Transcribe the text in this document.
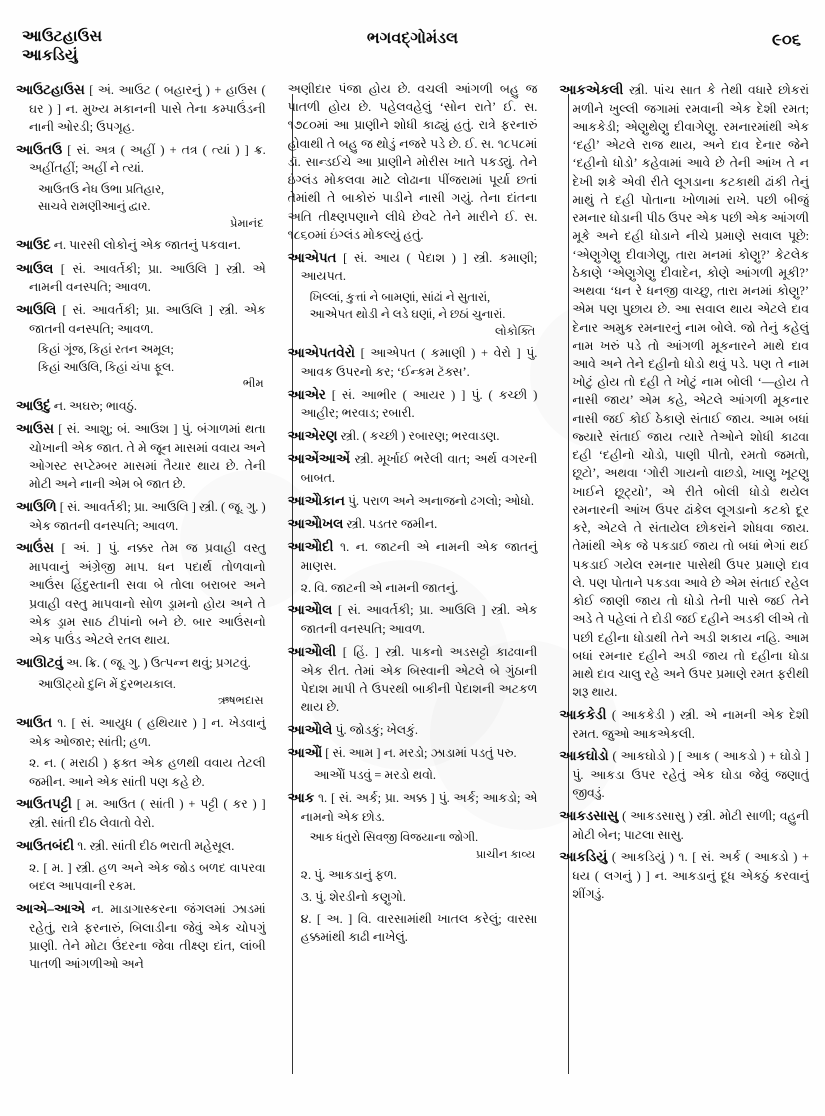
આઉટહાઉસ
આકડિયું
ભગવદ્ગોમંડલ	૯૦૬

આઉટહાઉસ [ અં. આઉટ ( બહારનું ) + હાઉસ ( ઘર ) ] ન. મુખ્ય મકાનની પાસે તેના કમ્પાઉંડની નાની ઓરડી; ઉપગૃહ.

આઉતઉ [ સં. અત્ર ( અહીં ) + તત્ર ( ત્યાં ) ] ક્ર. અહીંતહીં; અહીં ને ત્યાં.

આઉતઉ નેધ ઉભા પ્રતિહાર,
સાચવે રામણીઆનું દ્વાર.
પ્રેમાનંદ

આઉદ ન. પારસી લોકોનું એક જાતનું પકવાન.

આઉલ [ સં. આવર્તકી; પ્રા. આઉલિ ] સ્ત્રી. એ નામની વનસ્પતિ; આવળ.

આઉલિ [ સં. આવર્તકી; પ્રા. આઉલિ ] સ્ત્રી. એક જાતની વનસ્પતિ; આવળ.

કિહાં ગૂંજ, કિહાં રતન અમૂલ;
કિહાં આઉલિ, કિહાં ચંપા ફૂલ.
ભીમ

આઉદું ન. અઘરુ; ભાવઠું.

આઉસ [ સં. આશુ; બં. આઉશ ] પું. બંગાળમાં થતા ચોખાની એક જાત. તે મે જૂન માસમાં વવાય અને ઓગસ્ટ સપ્ટેમ્બર માસમાં તૈયાર થાય છે. તેની મોટી અને નાની એમ બે જાત છે.

આઉળિ [ સં. આવર્તકી; પ્રા. આઉલિ ] સ્ત્રી. ( જૂ. ગુ. ) એક જાતની વનસ્પતિ; આવળ.

આઉંસ [ અં. ] પું. નક્કર તેમ જ પ્રવાહી વસ્તુ માપવાનું અંગ્રેજી માપ. ધન પદાર્થ તોળવાનો આઉંસ હિંદુસ્તાની સવા બે તોલા બરાબર અને પ્રવાહી વસ્તુ માપવાનો સોળ ડ્રામનો હોય અને તે એક ડ્રામ સાઠ ટીપાંનો બને છે. બાર આઉંસનો એક પાઉંડ એટલે રતલ થાય.

આઊટવું અ. ક્રિ. ( જૂ. ગુ. ) ઉત્પન્ન થવું; પ્રગટવું.

આઊટ્યો દુનિ મેં દુરભયકાલ.
ઋષભદાસ

આઉત ૧. [ સં. આયુધ ( હથિયાર ) ] ન. ખેડવાનું એક ઓજાર; સાંતી; હળ.

૨. ન. ( મરાઠી ) ફક્ત એક હળથી વવાય તેટલી જમીન. આને એક સાંતી પણ કહે છે.

આઉતપટ્ટી [ મ. આઉત ( સાંતી ) + પટ્ટી ( કર ) ] સ્ત્રી. સાંતી દીઠ લેવાતો વેરો.

આઉતબંદી ૧. સ્ત્રી. સાંતી દીઠ ભરાતી મહેસૂલ.

૨. [ મ. ] સ્ત્રી. હળ અને એક જોડ બળદ વાપરવા બદલ આપવાની રકમ.

આએ–આએ ન. માડાગાસ્કરના જંગલમાં ઝાડમાં રહેતું, રાત્રે ફરનારું, બિલાડીના જેવું એક ચોપગું પ્રાણી. તેને મોટા ઉંદરના જેવા તીક્ષ્ણ દાંત, લાંબી પાતળી આંગળીઓ અને

અણીદાર પંજા હોય છે. વચલી આંગળી બહુ જ પાતળી હોય છે. પહેલવહેલું ‘સોન રાતે’ ઈ. સ. ૧૭૮૦માં આ પ્રાણીને શોધી કાઢ્યું હતું. રાત્રે ફરનારું હોવાથી તે બહુ જ થોડું નજરે પડે છે. ઈ. સ. ૧૮૫૮માં ડૉ. સાન્ડઈચે આ પ્રાણીને મોરીસ ખાતે પકડ્યું. તેને ઇંગ્લંડ મોકલવા માટે લોઢાના પીંજરામાં પૂર્યા છતાં તેમાંથી તે બાકોરું પાડીને નાસી ગયું. તેના દાંતના અતિ તીક્ષ્ણપણાને લીધે છેવટે તેને મારીને ઈ. સ. ૧૮૬૦માં ઇંગ્લંડ મોકલ્યું હતું.

આએપત [ સં. આય ( પેદાશ ) ] સ્ત્રી. કમાણી; આયપત.

ખિલ્લાં, કુત્તાં ને બામણાં, સાંઢાં ને સુતારાં,
આએપત થોડી ને લડે ઘણાં, ને છઠાં ચુનારાં.
લોકોક્તિ

આએપતવેરો [ આએપત ( કમાણી ) + વેરો ] પું. આવક ઉપરનો કર; ‘ઈન્કમ ટૅક્સ’.

આએર [ સં. આભીર ( આયર ) ] પું. ( કચ્છી ) આહીર; ભરવાડ; રબારી.

આએરણ સ્ત્રી. ( કચ્છી ) રબારણ; ભરવાડણ.

આએંઆએં સ્ત્રી. મૂર્ખાઈ ભરેલી વાત; અર્થ વગરની બાબત.

આએોકાન પું. પરાળ અને અનાજનો ઢગલો; ઓધો.

આએોખલ સ્ત્રી. પડતર જમીન.

આએોદી ૧. ન. જાટની એ નામની એક જાતનું માણસ.

૨. વિ. જાટની એ નામની જાતનું.

આએોલ [ સં. આવર્તકી; પ્રા. આઉલિ ] સ્ત્રી. એક જાતની વનસ્પતિ; આવળ.

આએોલી [ હિં. ] સ્ત્રી. પાકનો અડસટ્ટો કાઢવાની એક રીત. તેમાં એક બિસ્વાની એટલે બે ગુંઠાની પેદાશ માપી તે ઉપરથી બાકીની પેદાશની અટકળ થાય છે.

આએોલે પું. જોડકું; ખેલકું.

આએોં [ સં. આમ ] ન. મરડો; ઝાડામાં પડતું પરુ.

આએોં પડવું = મરડો થવો.

આક ૧. [ સં. અર્ક; પ્રા. અક્ક ] પું. અર્ક; આકડો; એ નામનો એક છોડ.

આક ધંતુરો સિવજી વિજયાના જોગી.
પ્રાચીન કાવ્ય

૨. પું. આકડાનું ફળ.

૩. પું. શેરડીનો કણુગો.

૪. [ અ. ] વિ. વારસામાંથી ખાતલ કરેલું; વારસા હક્કમાંથી કાઢી નાખેલું.

આકએકલી સ્ત્રી. પાંચ સાત કે તેથી વધારે છોકરાં મળીને ખુલ્લી જગામાં રમવાની એક દેશી રમત; આકકેડી; એણુથેણુ દીવાગેણુ. રમનારમાંથી એક ‘દહી’ એટલે રાજ થાય, અને દાવ દેનાર જેને ‘દહીનો ધોડો’ કહેવામાં આવે છે તેની આંખ તે ન દેખી શકે એવી રીતે લૂગડાના કટકાથી ઢાંકી તેનું માથું તે દહી પોતાના ખોળામાં રાખે. પછી બીજું રમનાર ધોડાની પીઠ ઉપર એક પછી એક આંગળી મૂકે અને દહી ધોડાને નીચે પ્રમાણે સવાલ પૂછે: ‘એણુગેણુ દીવાગેણુ, તારા મનમાં કોણુ?’ કેટલેક ઠેકાણે ‘એણુગેણુ દીવાદેન, કોણે આંગળી મૂકી?’ અથવા ‘ધન રે ધનજી વાચ્છુ, તારા મનમાં કોણુ?’ એમ પણ પુછાય છે. આ સવાલ થાય એટલે દાવ દેનાર અમુક રમનારનું નામ બોલે. જો તેનું કહેલું નામ ખરું પડે તો આંગળી મૂકનારને માથે દાવ આવે અને તેને દહીનો ધોડો થવું પડે. પણ તે નામ ખોટું હોય તો દહી તે ખોટું નામ બોલી ‘—હોય તે નાસી જાય’ એમ કહે, એટલે આંગળી મૂકનાર નાસી જઈ કોઈ ઠેકાણે સંતાઈ જાય. આમ બધાં જ્યારે સંતાઈ જાય ત્યારે તેઓને શોધી કાઢવા દહી ‘દહીનો ચોડો, પાણી પીતો, રમતો જમતો, છૂટો’, અથવા ‘ગોરી ગાયનો વાછડો, ખાણુ ખૂટણુ ખાઈને છૂટ્યો’, એ રીતે બોલી ધોડો થયેલ રમનારની આંખ ઉપર ઢાંકેલ લૂગડાનો કટકો દૂર કરે, એટલે તે સંતાયેલ છોકરાંને શોધવા જાય. તેમાંથી એક જે પકડાઈ જાય તો બધાં ભેગાં થઈ પકડાઈ ગયેલ રમનાર પાસેથી ઉપર પ્રમાણે દાવ લે. પણ પોતાને પકડવા આવે છે એમ સંતાઈ રહેલ કોઈ જાણી જાય તો ધોડો તેની પાસે જઈ તેને અડે તે પહેલાં તે દોડી જઈ દહીને અડકી લીએ તો પછી દહીના ધોડાથી તેને અડી શકાય નહિ. આમ બધાં રમનાર દહીને અડી જાય તો દહીના ધોડા માથે દાવ ચાલુ રહે અને ઉપર પ્રમાણે રમત ફરીથી શરૂ થાય.

આકકેડી ( આકકેડી ) સ્ત્રી. એ નામની એક દેશી રમત. જુઓ આકએકલી.

આકઘોડો ( આકઘોડો ) [ આક ( આકડો ) + ઘોડો ] પું. આકડા ઉપર રહેતું એક ઘોડા જેવું જણાતું જીવડું.

આકડસાસુ ( આકડસાસુ ) સ્ત્રી. મોટી સાળી; વહુની મોટી બેન; પાટલા સાસુ.

આકડિયું ( આકડિયું ) ૧. [ સં. અર્ક ( આકડો ) + ધય ( લગનું ) ] ન. આકડાનું દૂધ એકઠું કરવાનું શીંગડું.
